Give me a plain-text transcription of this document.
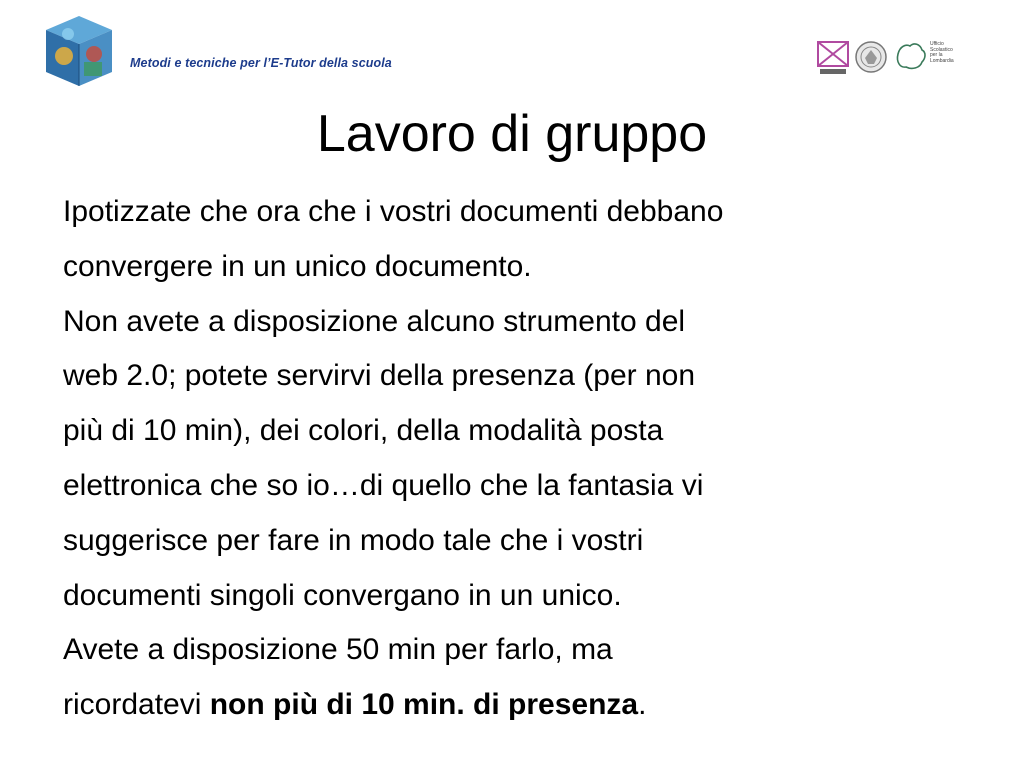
Metodi e tecniche per l’E-Tutor della scuola
Ufficio
Scolastico
per la
Lombardia
Lavoro di gruppo
Ipotizzate che ora che i vostri documenti debbano
convergere in un unico documento.
Non avete a disposizione alcuno strumento del
web 2.0; potete servirvi della presenza (per non
più di 10 min), dei colori, della modalità posta
elettronica che so io…di quello che la fantasia vi
suggerisce per fare in modo tale che i vostri
documenti singoli convergano in un unico.
Avete a disposizione 50 min per farlo, ma
ricordatevi non più di 10 min. di presenza.
